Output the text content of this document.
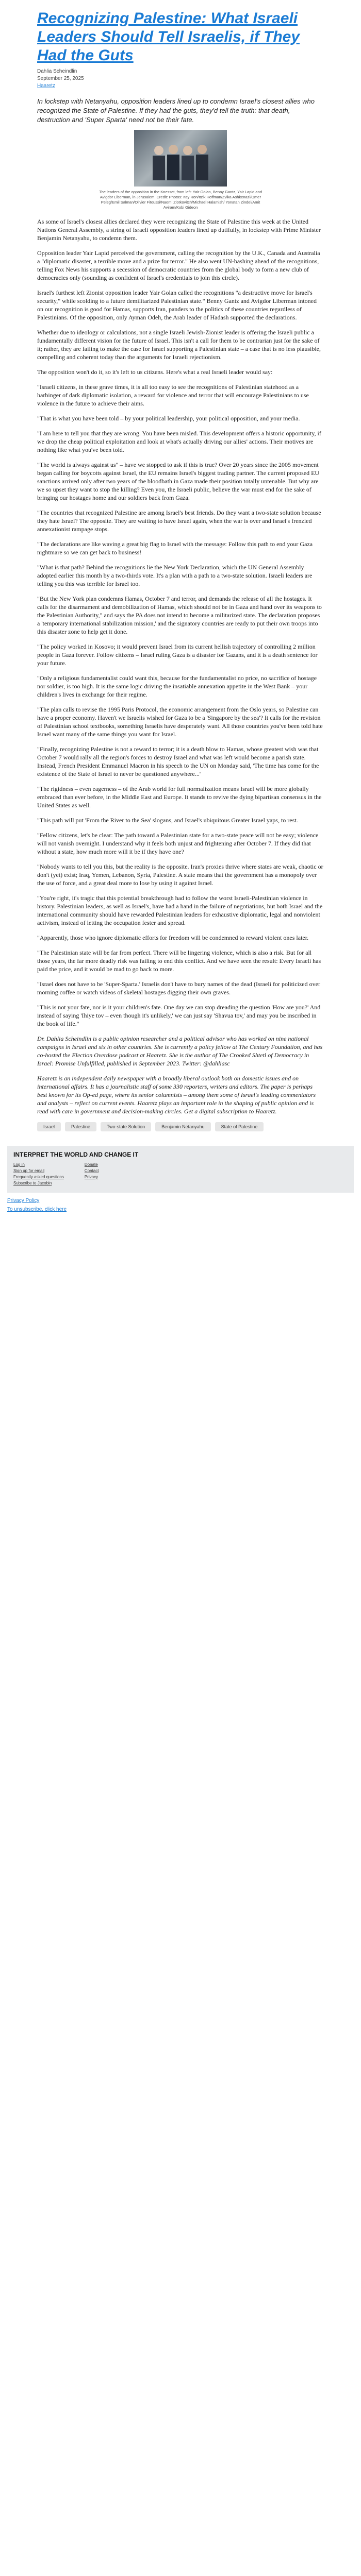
Recognizing Palestine: What Israeli Leaders Should Tell Israelis, if They Had the Guts
Dahlia Scheindlin
September 25, 2025
Haaretz
In lockstep with Netanyahu, opposition leaders lined up to condemn Israel's closest allies who recognized the State of Palestine. If they had the guts, they'd tell the truth: that death, destruction and 'Super Sparta' need not be their fate.
The leaders of the opposition in the Knesset, from left: Yair Golan, Benny Gantz, Yair Lapid and Avigdor Liberman, in Jerusalem. Credit: Photos: Itay Ron/Itzik Hoffman/Zvika Ashkenazi/Omer Peleg/Emil Salman/Olivier Fitoussi/Naomi Zlotkovitch/Michael Halamish/ Yonatan Zindel/Amit Aviram/Kobi Gideon

As some of Israel's closest allies declared they were recognizing the State of Palestine this week at the United Nations General Assembly, a string of Israeli opposition leaders lined up dutifully, in lockstep with Prime Minister Benjamin Netanyahu, to condemn them.

Opposition leader Yair Lapid perceived the government, calling the recognition by the U.K., Canada and Australia a "diplomatic disaster, a terrible move and a prize for terror." He also went UN-bashing ahead of the recognitions, telling Fox News his supports a secession of democratic countries from the global body to form a new club of democracies only (sounding as confident of Israel's credentials to join this circle).

Israel's furthest left Zionist opposition leader Yair Golan called the recognitions "a destructive move for Israel's security," while scolding to a future demilitarized Palestinian state." Benny Gantz and Avigdor Liberman intoned on our recognition is good for Hamas, supports Iran, panders to the politics of these countries regardless of Palestinians. Of the opposition, only Ayman Odeh, the Arab leader of Hadash supported the declarations.

Whether due to ideology or calculations, not a single Israeli Jewish-Zionist leader is offering the Israeli public a fundamentally different vision for the future of Israel. This isn't a call for them to be contrarian just for the sake of it; rather, they are failing to make the case for Israel supporting a Palestinian state – a case that is no less plausible, compelling and coherent today than the arguments for Israeli rejectionism.

The opposition won't do it, so it's left to us citizens. Here's what a real Israeli leader would say:

"Israeli citizens, in these grave times, it is all too easy to see the recognitions of Palestinian statehood as a harbinger of dark diplomatic isolation, a reward for violence and terror that will encourage Palestinians to use violence in the future to achieve their aims.

"That is what you have been told – by your political leadership, your political opposition, and your media.

"I am here to tell you that they are wrong. You have been misled. This development offers a historic opportunity, if we drop the cheap political exploitation and look at what's actually driving our allies' actions. Their motives are nothing like what you've been told.

"The world is always against us" – have we stopped to ask if this is true? Over 20 years since the 2005 movement began calling for boycotts against Israel, the EU remains Israel's biggest trading partner. The current proposed EU sanctions arrived only after two years of the bloodbath in Gaza made their position totally untenable. But why are we so upset they want to stop the killing? Even you, the Israeli public, believe the war must end for the sake of bringing our hostages home and our soldiers back from Gaza.

"The countries that recognized Palestine are among Israel's best friends. Do they want a two-state solution because they hate Israel? The opposite. They are waiting to have Israel again, when the war is over and Israel's frenzied annexationist rampage stops.

"The declarations are like waving a great big flag to Israel with the message: Follow this path to end your Gaza nightmare so we can get back to business!

"What is that path? Behind the recognitions lie the New York Declaration, which the UN General Assembly adopted earlier this month by a two-thirds vote. It's a plan with a path to a two-state solution. Israeli leaders are telling you this was terrible for Israel too.

"But the New York plan condemns Hamas, October 7 and terror, and demands the release of all the hostages. It calls for the disarmament and demobilization of Hamas, which should not be in Gaza and hand over its weapons to the Palestinian Authority," and says the PA does not intend to become a militarized state. The declaration proposes a 'temporary international stabilization mission,' and the signatory countries are ready to put their own troops into this disaster zone to help get it done.

"The policy worked in Kosovo; it would prevent Israel from its current hellish trajectory of controlling 2 million people in Gaza forever. Follow citizens – Israel ruling Gaza is a disaster for Gazans, and it is a death sentence for your future.

"Only a religious fundamentalist could want this, because for the fundamentalist no price, no sacrifice of hostage nor soldier, is too high. It is the same logic driving the insatiable annexation appetite in the West Bank – your children's lives in exchange for their regime.

"The plan calls to revise the 1995 Paris Protocol, the economic arrangement from the Oslo years, so Palestine can have a proper economy. Haven't we Israelis wished for Gaza to be a 'Singapore by the sea'? It calls for the revision of Palestinian school textbooks, something Israelis have desperately want. All those countries you've been told hate Israel want many of the same things you want for Israel.

"Finally, recognizing Palestine is not a reward to terror; it is a death blow to Hamas, whose greatest wish was that October 7 would rally all the region's forces to destroy Israel and what was left would become a parish state. Instead, French President Emmanuel Macron in his speech to the UN on Monday said, 'The time has come for the existence of the State of Israel to never be questioned anywhere...'

"The rigidness – even eagerness – of the Arab world for full normalization means Israel will be more globally embraced than ever before, in the Middle East and Europe. It stands to revive the dying bipartisan consensus in the United States as well.

"This path will put 'From the River to the Sea' slogans, and Israel's ubiquitous Greater Israel yaps, to rest.

"Fellow citizens, let's be clear: The path toward a Palestinian state for a two-state peace will not be easy; violence will not vanish overnight. I understand why it feels both unjust and frightening after October 7. If they did that without a state, how much more will it be if they have one?

"Nobody wants to tell you this, but the reality is the opposite. Iran's proxies thrive where states are weak, chaotic or don't (yet) exist; Iraq, Yemen, Lebanon, Syria, Palestine. A state means that the government has a monopoly over the use of force, and a great deal more to lose by using it against Israel.

"You're right, it's tragic that this potential breakthrough had to follow the worst Israeli-Palestinian violence in history. Palestinian leaders, as well as Israel's, have had a hand in the failure of negotiations, but both Israel and the international community should have rewarded Palestinian leaders for exhaustive diplomatic, legal and nonviolent activism, instead of letting the occupation fester and spread.

"Apparently, those who ignore diplomatic efforts for freedom will be condemned to reward violent ones later.

"The Palestinian state will be far from perfect. There will be lingering violence, which is also a risk. But for all those years, the far more deadly risk was failing to end this conflict. And we have seen the result: Every Israeli has paid the price, and it would be mad to go back to more.

"Israel does not have to be 'Super-Sparta.' Israelis don't have to bury names of the dead (Israeli for politicized over morning coffee or watch videos of skeletal hostages digging their own graves.

"This is not your fate, nor is it your children's fate. One day we can stop dreading the question 'How are you?' And instead of saying 'Ihiye tov – even though it's unlikely,' we can just say 'Shavua tov,' and may you be inscribed in the book of life."

Dr. Dahlia Scheindlin is a public opinion researcher and a political advisor who has worked on nine national campaigns in Israel and six in other countries. She is currently a policy fellow at The Century Foundation, and has co-hosted the Election Overdose podcast at Haaretz. She is the author of The Crooked Shtetl of Democracy in Israel: Promise Unfulfilled, published in September 2023. Twitter: @dahliasc

Haaretz is an independent daily newspaper with a broadly liberal outlook both on domestic issues and on international affairs. It has a journalistic staff of some 330 reporters, writers and editors. The paper is perhaps best known for its Op-ed page, where its senior columnists – among them some of Israel's leading commentators and analysts – reflect on current events. Haaretz plays an important role in the shaping of public opinion and is read with care in government and decision-making circles. Get a digital subscription to Haaretz.

Israel	Palestine	Two-state Solution	Benjamin Netanyahu	State of Palestine
INTERPRET THE WORLD AND CHANGE IT
Log in
Sign up for email
Frequently asked questions
Subscribe to Jacobin
Donate
Contact
Privacy
Privacy Policy
To unsubscribe, click here
